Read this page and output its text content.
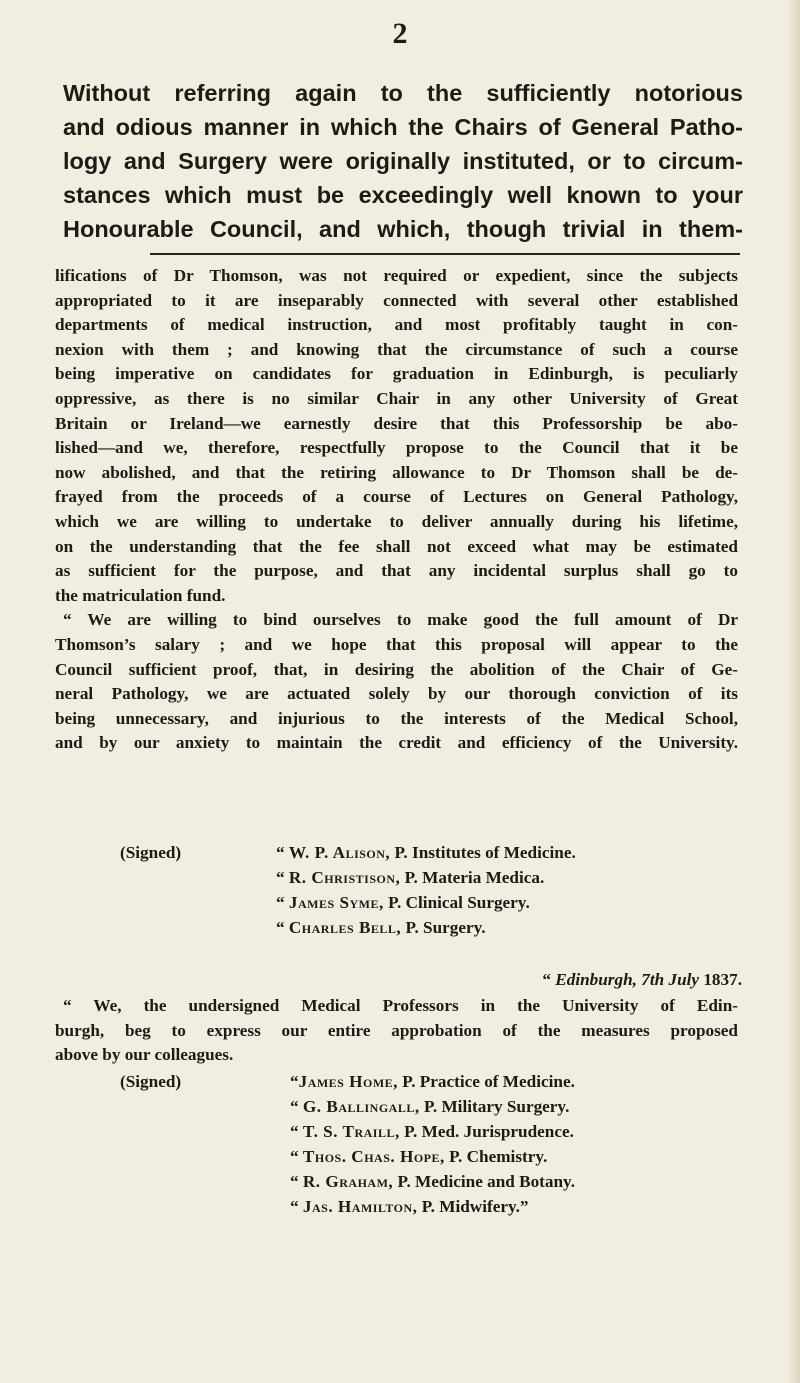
2
Without referring again to the sufficiently notorious
and odious manner in which the Chairs of General Patho-
logy and Surgery were originally instituted, or to circum-
stances which must be exceedingly well known to your
Honourable Council, and which, though trivial in them-
lifications of Dr Thomson, was not required or expedient, since the subjects
appropriated to it are inseparably connected with several other established
departments of medical instruction, and most profitably taught in con-
nexion with them ; and knowing that the circumstance of such a course
being imperative on candidates for graduation in Edinburgh, is peculiarly
oppressive, as there is no similar Chair in any other University of Great
Britain or Ireland—we earnestly desire that this Professorship be abo-
lished—and we, therefore, respectfully propose to the Council that it be
now abolished, and that the retiring allowance to Dr Thomson shall be de-
frayed from the proceeds of a course of Lectures on General Pathology,
which we are willing to undertake to deliver annually during his lifetime,
on the understanding that the fee shall not exceed what may be estimated
as sufficient for the purpose, and that any incidental surplus shall go to
the matriculation fund.
“ We are willing to bind ourselves to make good the full amount of Dr
Thomson’s salary ; and we hope that this proposal will appear to the
Council sufficient proof, that, in desiring the abolition of the Chair of Ge-
neral Pathology, we are actuated solely by our thorough conviction of its
being unnecessary, and injurious to the interests of the Medical School,
and by our anxiety to maintain the credit and efficiency of the University.
(Signed)	“ W. P. Alison, P. Institutes of Medicine.
“ R. Christison, P. Materia Medica.
“ James Syme, P. Clinical Surgery.
“ Charles Bell, P. Surgery.
“ Edinburgh, 7th July 1837.
“ We, the undersigned Medical Professors in the University of Edin-
burgh, beg to express our entire approbation of the measures proposed
above by our colleagues.
(Signed)	“James Home, P. Practice of Medicine.
“ G. Ballingall, P. Military Surgery.
“ T. S. Traill, P. Med. Jurisprudence.
“ Thos. Chas. Hope, P. Chemistry.
“ R. Graham, P. Medicine and Botany.
“ Jas. Hamilton, P. Midwifery.”
